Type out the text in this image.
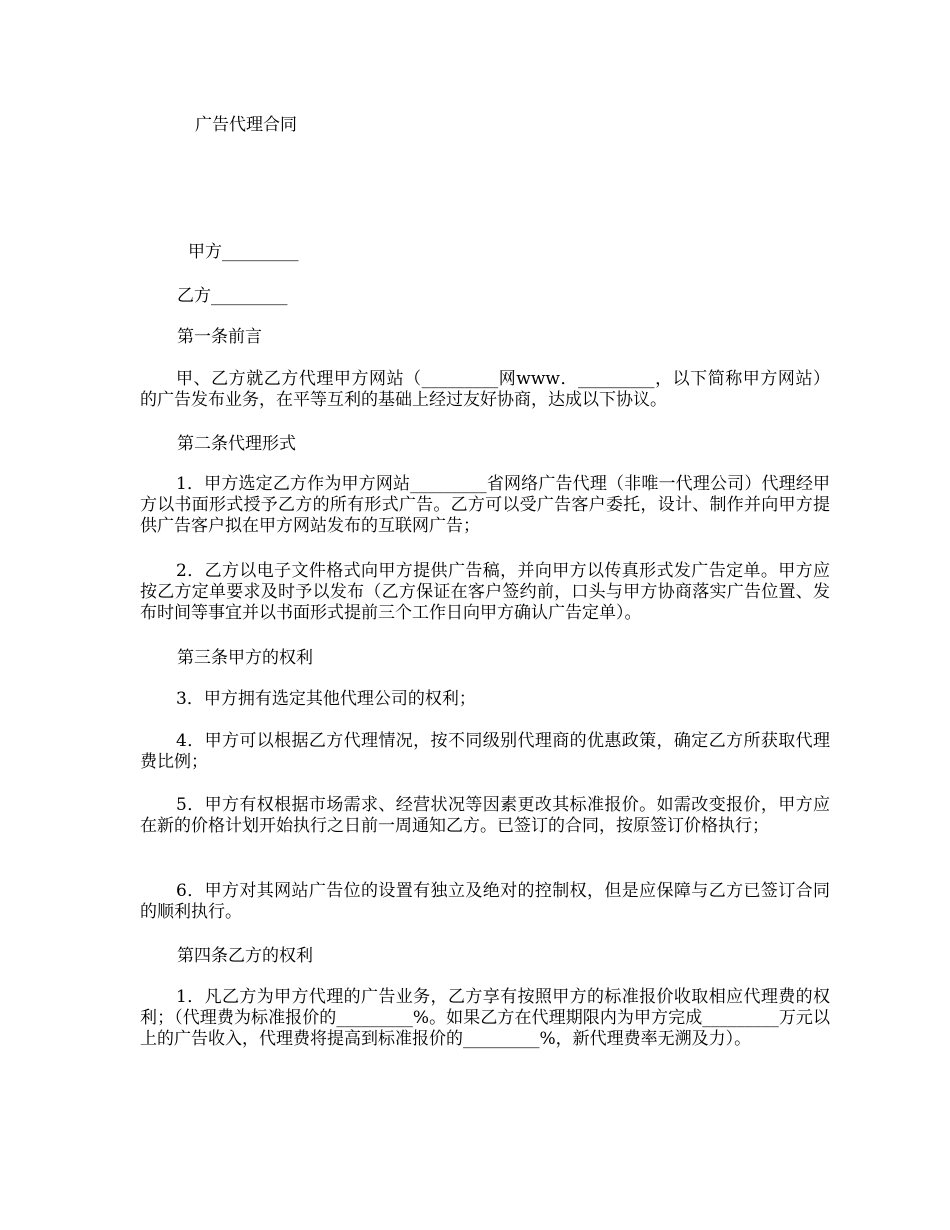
广告代理合同
甲方_________
乙方_________
第一条前言

甲、乙方就乙方代理甲方网站（_________网www．_________，以下简称甲方网站）的广告发布业务，在平等互利的基础上经过友好协商，达成以下协议。

第二条代理形式

1．甲方选定乙方作为甲方网站_________省网络广告代理（非唯一代理公司）代理经甲方以书面形式授予乙方的所有形式广告。乙方可以受广告客户委托，设计、制作并向甲方提供广告客户拟在甲方网站发布的互联网广告；

2．乙方以电子文件格式向甲方提供广告稿，并向甲方以传真形式发广告定单。甲方应按乙方定单要求及时予以发布（乙方保证在客户签约前，口头与甲方协商落实广告位置、发布时间等事宜并以书面形式提前三个工作日向甲方确认广告定单）。

第三条甲方的权利

3．甲方拥有选定其他代理公司的权利；

4．甲方可以根据乙方代理情况，按不同级别代理商的优惠政策，确定乙方所获取代理费比例；

5．甲方有权根据市场需求、经营状况等因素更改其标准报价。如需改变报价，甲方应在新的价格计划开始执行之日前一周通知乙方。已签订的合同，按原签订价格执行；

6．甲方对其网站广告位的设置有独立及绝对的控制权，但是应保障与乙方已签订合同的顺利执行。

第四条乙方的权利

1．凡乙方为甲方代理的广告业务，乙方享有按照甲方的标准报价收取相应代理费的权利；（代理费为标准报价的_________%。如果乙方在代理期限内为甲方完成_________万元以上的广告收入，代理费将提高到标准报价的_________%，新代理费率无溯及力）。
